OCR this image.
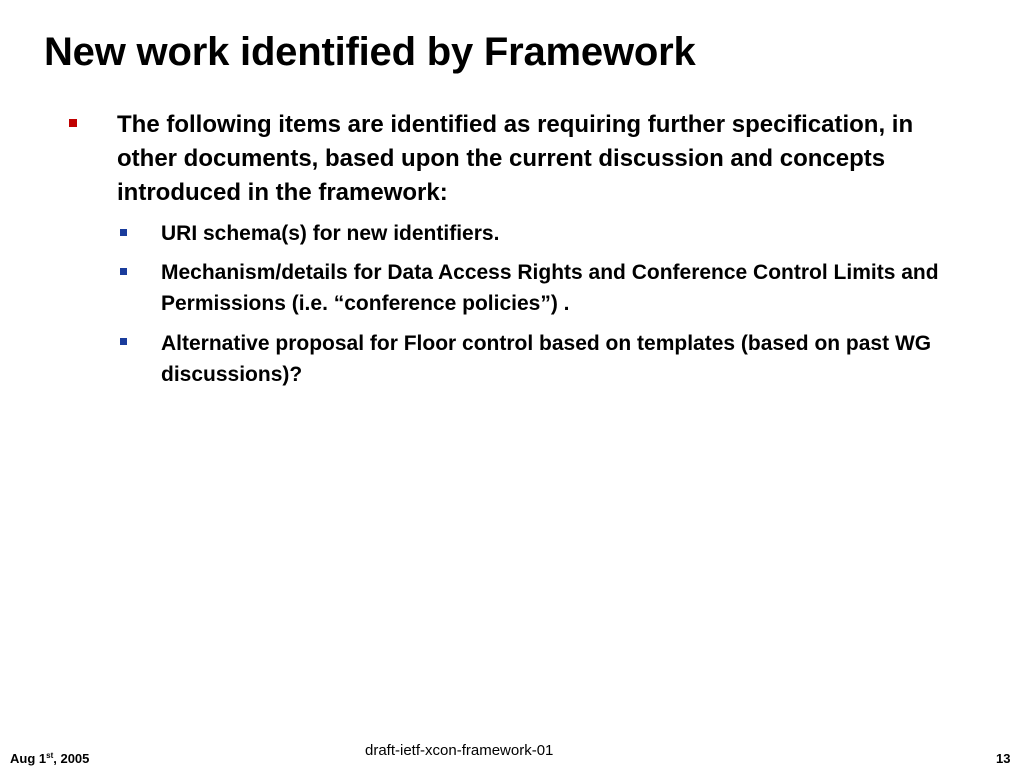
New work identified by Framework
The following items are identified as requiring further specification, in other documents, based upon the current discussion and concepts introduced in the framework:
URI schema(s) for new identifiers.
Mechanism/details for Data Access Rights and Conference Control Limits and Permissions (i.e. “conference policies”) .
Alternative proposal for Floor control based on templates (based on past WG discussions)?
Aug 1st, 2005	draft-ietf-xcon-framework-01	13
